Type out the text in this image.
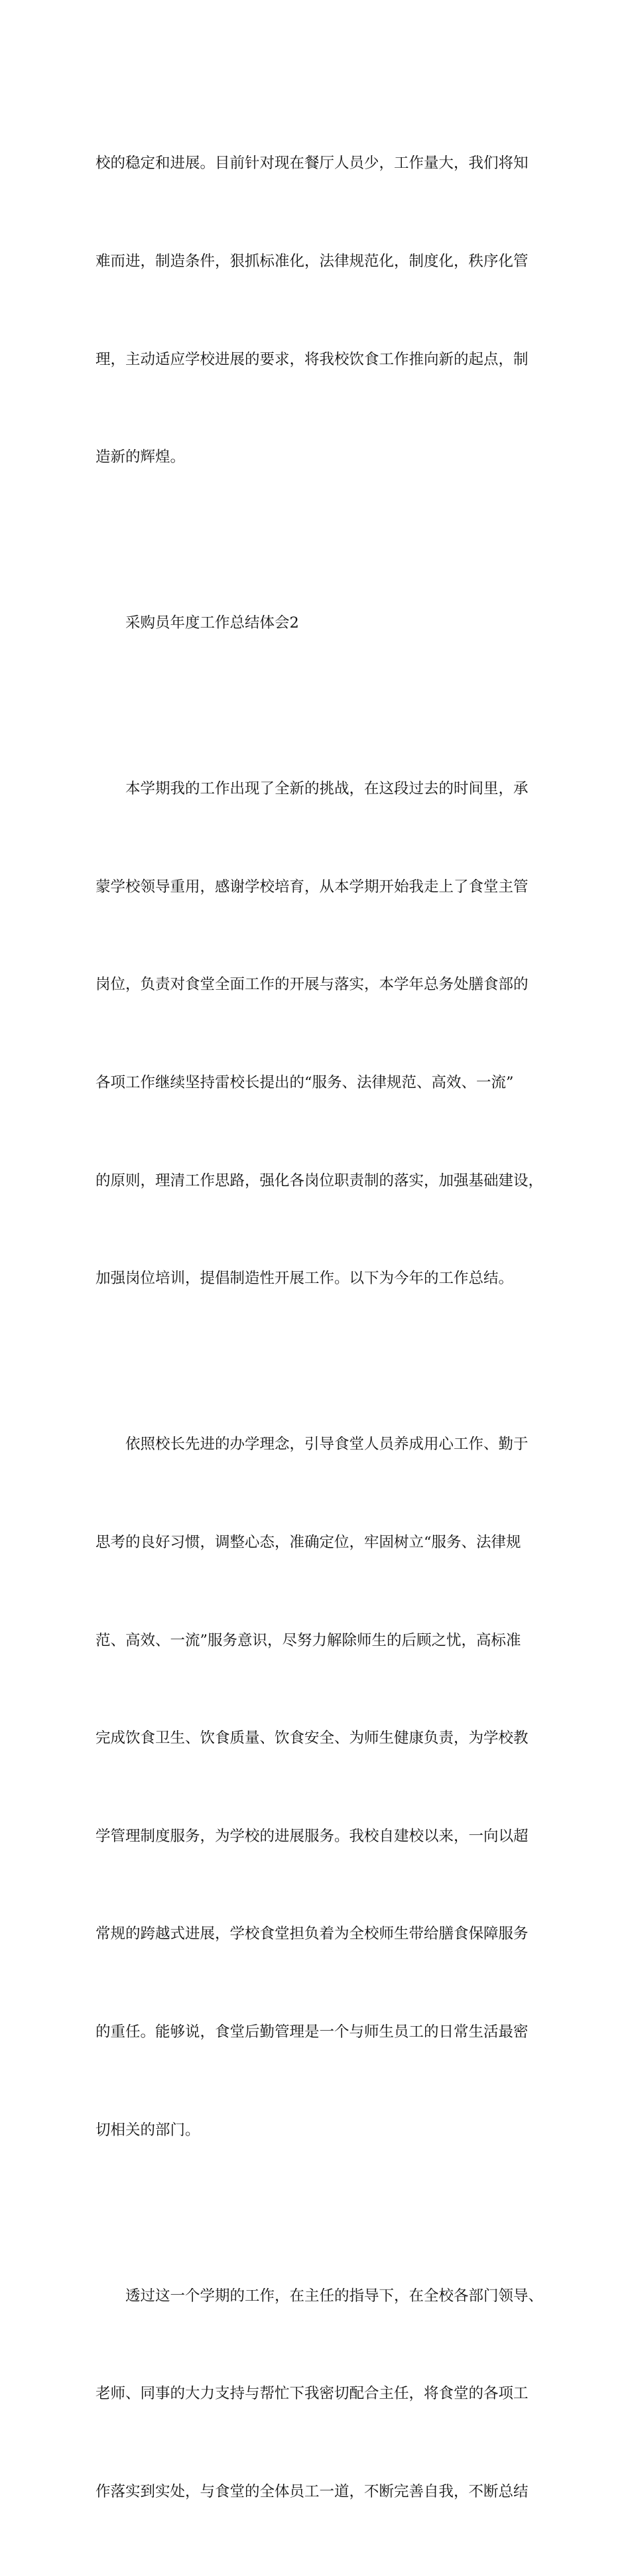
校的稳定和进展。目前针对现在餐厅人员少，工作量大，我们将知

难而进，制造条件，狠抓标准化，法律规范化，制度化，秩序化管

理，主动适应学校进展的要求，将我校饮食工作推向新的起点，制

造新的辉煌。

　　采购员年度工作总结体会2

　　本学期我的工作出现了全新的挑战，在这段过去的时间里，承

蒙学校领导重用，感谢学校培育，从本学期开始我走上了食堂主管

岗位，负责对食堂全面工作的开展与落实，本学年总务处膳食部的

各项工作继续坚持雷校长提出的“服务、法律规范、高效、一流”

的原则，理清工作思路，强化各岗位职责制的落实，加强基础建设，

加强岗位培训，提倡制造性开展工作。以下为今年的工作总结。

　　依照校长先进的办学理念，引导食堂人员养成用心工作、勤于

思考的良好习惯，调整心态，准确定位，牢固树立“服务、法律规

范、高效、一流”服务意识，尽努力解除师生的后顾之忧，高标准

完成饮食卫生、饮食质量、饮食安全、为师生健康负责，为学校教

学管理制度服务，为学校的进展服务。我校自建校以来，一向以超

常规的跨越式进展，学校食堂担负着为全校师生带给膳食保障服务

的重任。能够说，食堂后勤管理是一个与师生员工的日常生活最密

切相关的部门。

　　透过这一个学期的工作，在主任的指导下，在全校各部门领导、

老师、同事的大力支持与帮忙下我密切配合主任，将食堂的各项工

作落实到实处，与食堂的全体员工一道，不断完善自我，不断总结
